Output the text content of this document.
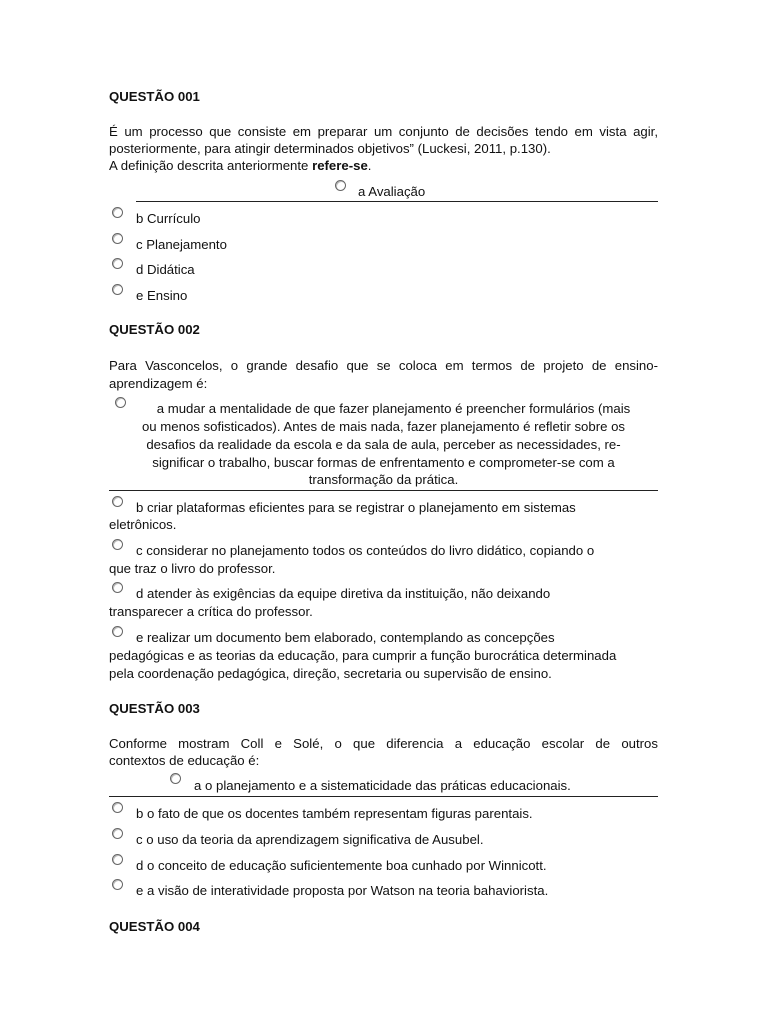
QUESTÃO 001
É um processo que consiste em preparar um conjunto de decisões tendo em vista agir,
posteriormente, para atingir determinados objetivos” (Luckesi, 2011, p.130).
A definição descrita anteriormente refere-se.
a Avaliação
b Currículo
c Planejamento
d Didática
e Ensino
QUESTÃO 002
Para Vasconcelos, o grande desafio que se coloca em termos de projeto de ensino-
aprendizagem é:
a mudar a mentalidade de que fazer planejamento é preencher formulários (mais
ou menos sofisticados). Antes de mais nada, fazer planejamento é refletir sobre os
desafios da realidade da escola e da sala de aula, perceber as necessidades, re-
significar o trabalho, buscar formas de enfrentamento e comprometer-se com a
transformação da prática.
b criar plataformas eficientes para se registrar o planejamento em sistemas
eletrônicos.
c considerar no planejamento todos os conteúdos do livro didático, copiando o
que traz o livro do professor.
d atender às exigências da equipe diretiva da instituição, não deixando
transparecer a crítica do professor.
e realizar um documento bem elaborado, contemplando as concepções
pedagógicas e as teorias da educação, para cumprir a função burocrática determinada
pela coordenação pedagógica, direção, secretaria ou supervisão de ensino.
QUESTÃO 003
Conforme mostram Coll e Solé, o que diferencia a educação escolar de outros
contextos de educação é:
a o planejamento e a sistematicidade das práticas educacionais.
b o fato de que os docentes também representam figuras parentais.
c o uso da teoria da aprendizagem significativa de Ausubel.
d o conceito de educação suficientemente boa cunhado por Winnicott.
e a visão de interatividade proposta por Watson na teoria bahaviorista.
QUESTÃO 004
